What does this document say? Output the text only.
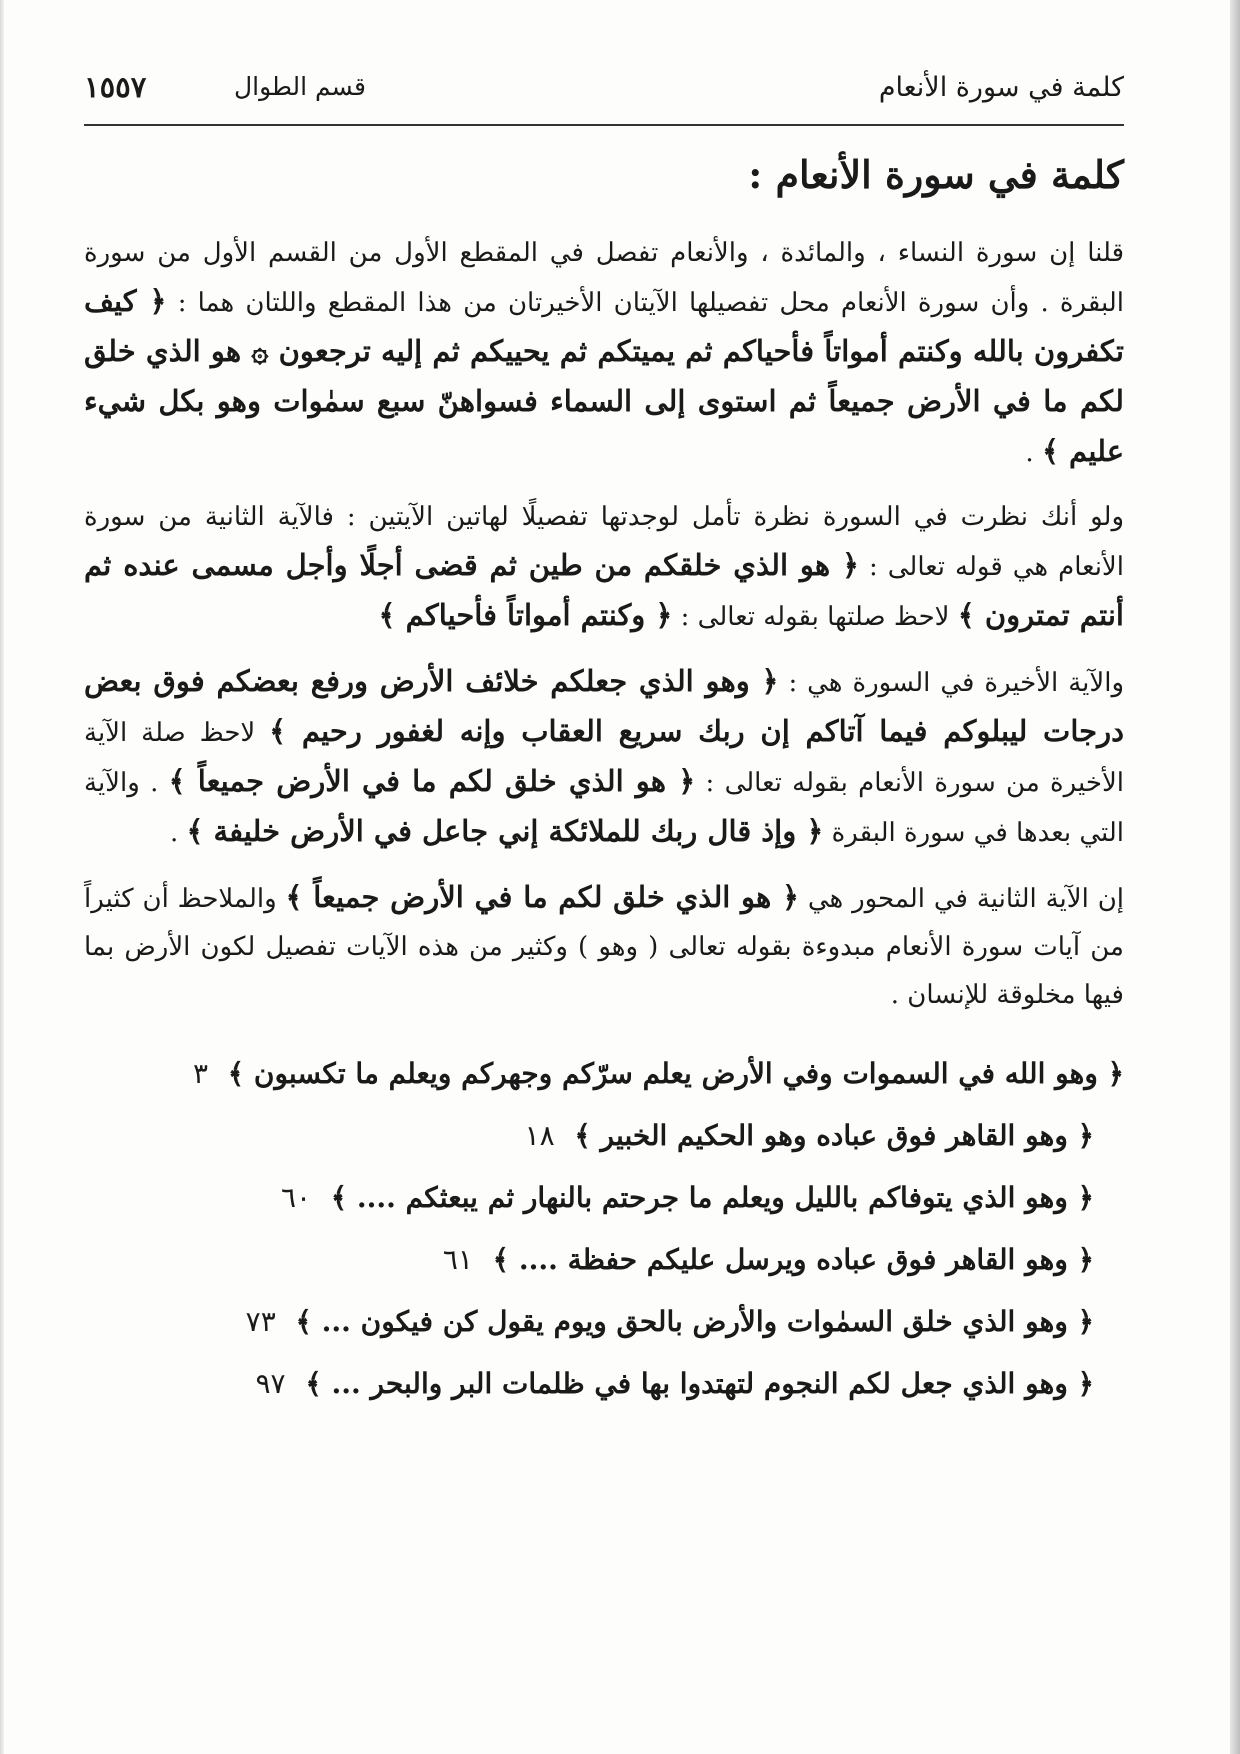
كلمة في سورة الأنعام
قسم الطوال
١٥٥٧
كلمة في سورة الأنعام :

قلنا إن سورة النساء ، والمائدة ، والأنعام تفصل في المقطع الأول من القسم الأول من سورة البقرة . وأن سورة الأنعام محل تفصيلها الآيتان الأخيرتان من هذا المقطع واللتان هما : ﴿ كيف تكفرون بالله وكنتم أمواتاً فأحياكم ثم يميتكم ثم يحييكم ثم إليه ترجعون ۞ هو الذي خلق لكم ما في الأرض جميعاً ثم استوى إلى السماء فسواهنّ سبع سمٰوات وهو بكل شيء عليم ﴾ .

ولو أنك نظرت في السورة نظرة تأمل لوجدتها تفصيلًا لهاتين الآيتين : فالآية الثانية من سورة الأنعام هي قوله تعالى : ﴿ هو الذي خلقكم من طين ثم قضى أجلًا وأجل مسمى عنده ثم أنتم تمترون ﴾ لاحظ صلتها بقوله تعالى : ﴿ وكنتم أمواتاً فأحياكم ﴾

والآية الأخيرة في السورة هي : ﴿ وهو الذي جعلكم خلائف الأرض ورفع بعضكم فوق بعض درجات ليبلوكم فيما آتاكم إن ربك سريع العقاب وإنه لغفور رحيم ﴾ لاحظ صلة الآية الأخيرة من سورة الأنعام بقوله تعالى : ﴿ هو الذي خلق لكم ما في الأرض جميعاً ﴾ . والآية التي بعدها في سورة البقرة ﴿ وإذ قال ربك للملائكة إني جاعل في الأرض خليفة ﴾ .

إن الآية الثانية في المحور هي ﴿ هو الذي خلق لكم ما في الأرض جميعاً ﴾ والملاحظ أن كثيراً من آيات سورة الأنعام مبدوءة بقوله تعالى ( وهو ) وكثير من هذه الآيات تفصيل لكون الأرض بما فيها مخلوقة للإنسان .

﴿ وهو الله في السموات وفي الأرض يعلم سرّكم وجهركم ويعلم ما تكسبون ﴾ ٣
﴿ وهو القاهر فوق عباده وهو الحكيم الخبير ﴾ ١٨
﴿ وهو الذي يتوفاكم بالليل ويعلم ما جرحتم بالنهار ثم يبعثكم .... ﴾ ٦٠
﴿ وهو القاهر فوق عباده ويرسل عليكم حفظة .... ﴾ ٦١
﴿ وهو الذي خلق السمٰوات والأرض بالحق ويوم يقول كن فيكون ... ﴾ ٧٣
﴿ وهو الذي جعل لكم النجوم لتهتدوا بها في ظلمات البر والبحر ... ﴾ ٩٧
